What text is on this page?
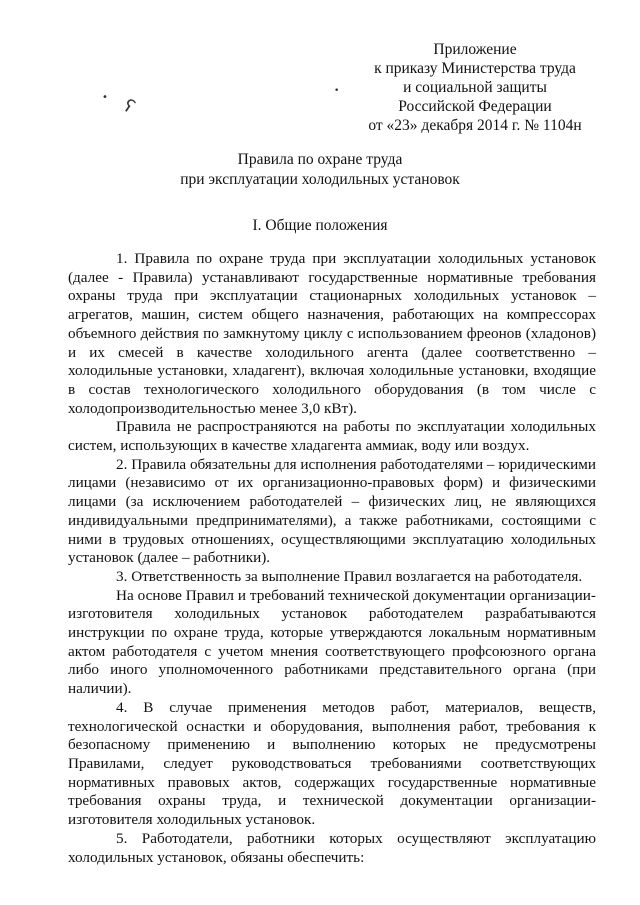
• ʕ
•
Приложение
к приказу Министерства труда
и социальной защиты
Российской Федерации
от «23» декабря 2014 г. № 1104н
Правила по охране труда
при эксплуатации холодильных установок
I. Общие положения

1. Правила по охране труда при эксплуатации холодильных установок (далее - Правила) устанавливают государственные нормативные требования охраны труда при эксплуатации стационарных холодильных установок – агрегатов, машин, систем общего назначения, работающих на компрессорах объемного действия по замкнутому циклу с использованием фреонов (хладонов) и их смесей в качестве холодильного агента (далее соответственно – холодильные установки, хладагент), включая холодильные установки, входящие в состав технологического холодильного оборудования (в том числе с холодопроизводительностью менее 3,0 кВт).

Правила не распространяются на работы по эксплуатации холодильных систем, использующих в качестве хладагента аммиак, воду или воздух.

2. Правила обязательны для исполнения работодателями – юридическими лицами (независимо от их организационно-правовых форм) и физическими лицами (за исключением работодателей – физических лиц, не являющихся индивидуальными предпринимателями), а также работниками, состоящими с ними в трудовых отношениях, осуществляющими эксплуатацию холодильных установок (далее – работники).

3. Ответственность за выполнение Правил возлагается на работодателя.

На основе Правил и требований технической документации организации-изготовителя холодильных установок работодателем разрабатываются инструкции по охране труда, которые утверждаются локальным нормативным актом работодателя с учетом мнения соответствующего профсоюзного органа либо иного уполномоченного работниками представительного органа (при наличии).

4. В случае применения методов работ, материалов, веществ, технологической оснастки и оборудования, выполнения работ, требования к безопасному применению и выполнению которых не предусмотрены Правилами, следует руководствоваться требованиями соответствующих нормативных правовых актов, содержащих государственные нормативные требования охраны труда, и технической документации организации-изготовителя холодильных установок.

5. Работодатели, работники которых осуществляют эксплуатацию холодильных установок, обязаны обеспечить:
